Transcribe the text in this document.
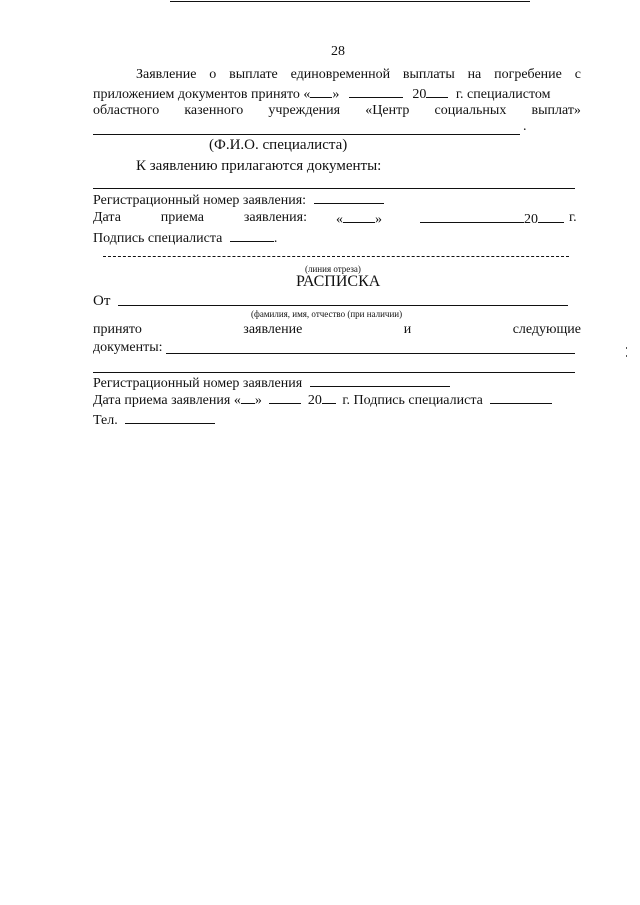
28
Заявление о выплате единовременной выплаты на погребение с
приложением документов принято « »	20 г. специалистом
областного казенного учреждения «Центр социальных выплат»
.
(Ф.И.О. специалиста)
К заявлению прилагаются документы:
Регистрационный номер заявления:
Дата	приема	заявления: « »	20	г.
Подпись специалиста	.
(линия отреза)
РАСПИСКА
От
(фамилия, имя, отчество (при наличии)
принято	заявление	и	следующие
документы:
Регистрационный номер заявления
Дата приема заявления « »	20 г. Подпись специалиста
Тел.
